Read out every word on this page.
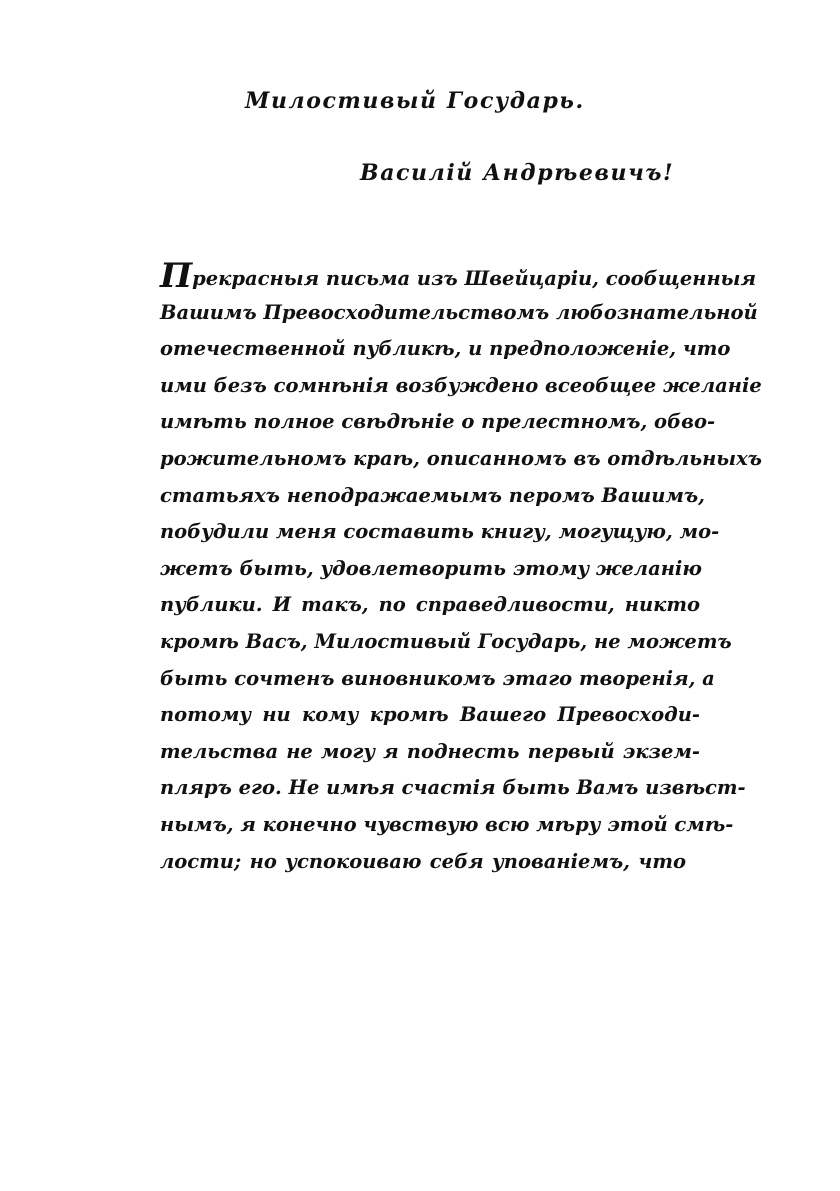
Милостивый Государь.
Василій Андрѣевичъ!
Прекрасныя письма изъ Швейцаріи, сообщенныя
Вашимъ Превосходительствомъ любознательной
отечественной публикѣ, и предположеніе, что
ими безъ сомнѣнія возбуждено всеобщее желаніе
имѣть полное свѣдѣніе о прелестномъ, обво-
рожительномъ краѣ, описанномъ въ отдѣльныхъ
статьяхъ неподражаемымъ перомъ Вашимъ,
побудили меня составить книгу, могущую, мо-
жетъ быть, удовлетворить этому желанію
публики. И такъ, по справедливости, никто
кромѣ Васъ, Милостивый Государь, не можетъ
быть сочтенъ виновникомъ этаго творенія, а
потому ни кому кромѣ Вашего Превосходи-
тельства не могу я поднесть первый экзем-
пляръ его. Не имѣя счастія быть Вамъ извѣст-
нымъ, я конечно чувствую всю мѣру этой смѣ-
лости; но успокоиваю себя упованіемъ, что
